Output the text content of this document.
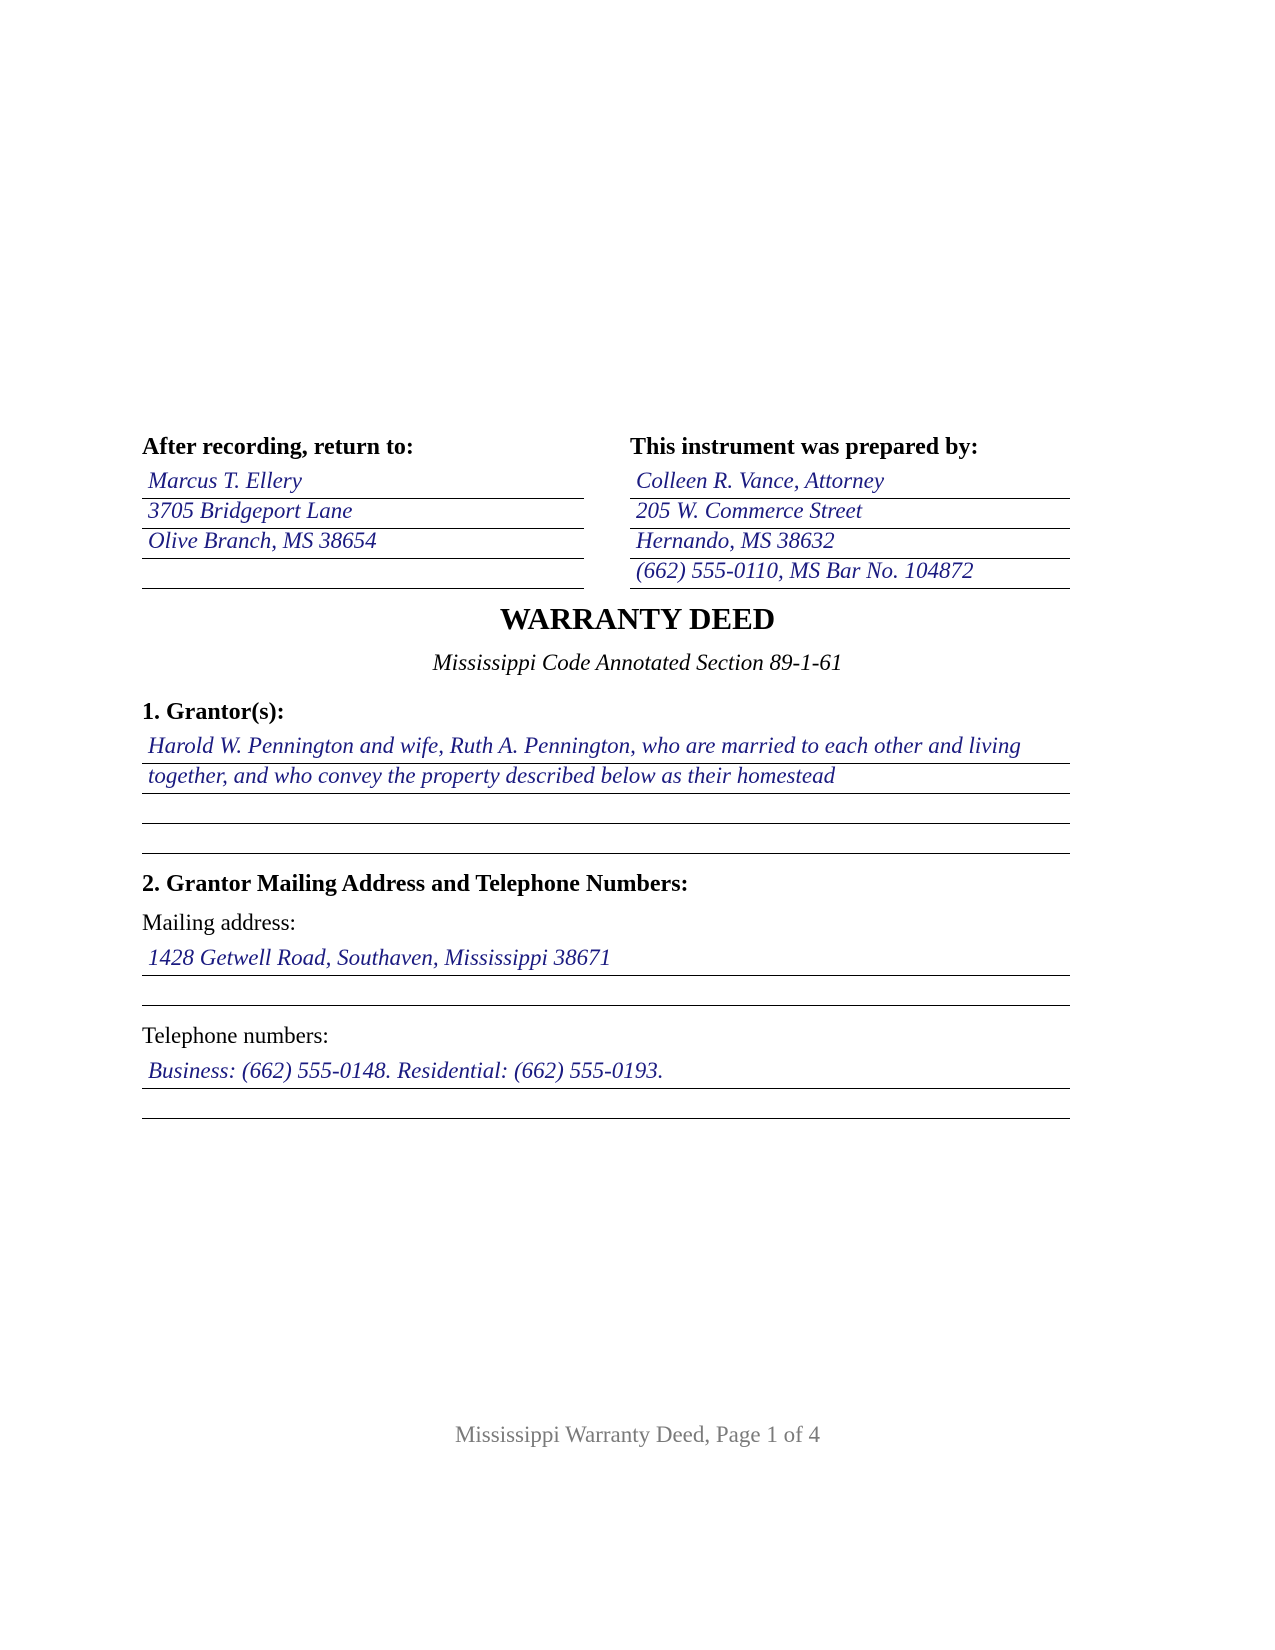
After recording, return to:
Marcus T. Ellery
3705 Bridgeport Lane
Olive Branch, MS 38654
This instrument was prepared by:
Colleen R. Vance, Attorney
205 W. Commerce Street
Hernando, MS 38632
(662) 555-0110, MS Bar No. 104872
WARRANTY DEED
Mississippi Code Annotated Section 89-1-61
1. Grantor(s):
Harold W. Pennington and wife, Ruth A. Pennington, who are married to each other and living
together, and who convey the property described below as their homestead
2. Grantor Mailing Address and Telephone Numbers:
Mailing address:
1428 Getwell Road, Southaven, Mississippi 38671
Telephone numbers:
Business: (662) 555-0148. Residential: (662) 555-0193.
Mississippi Warranty Deed, Page 1 of 4
